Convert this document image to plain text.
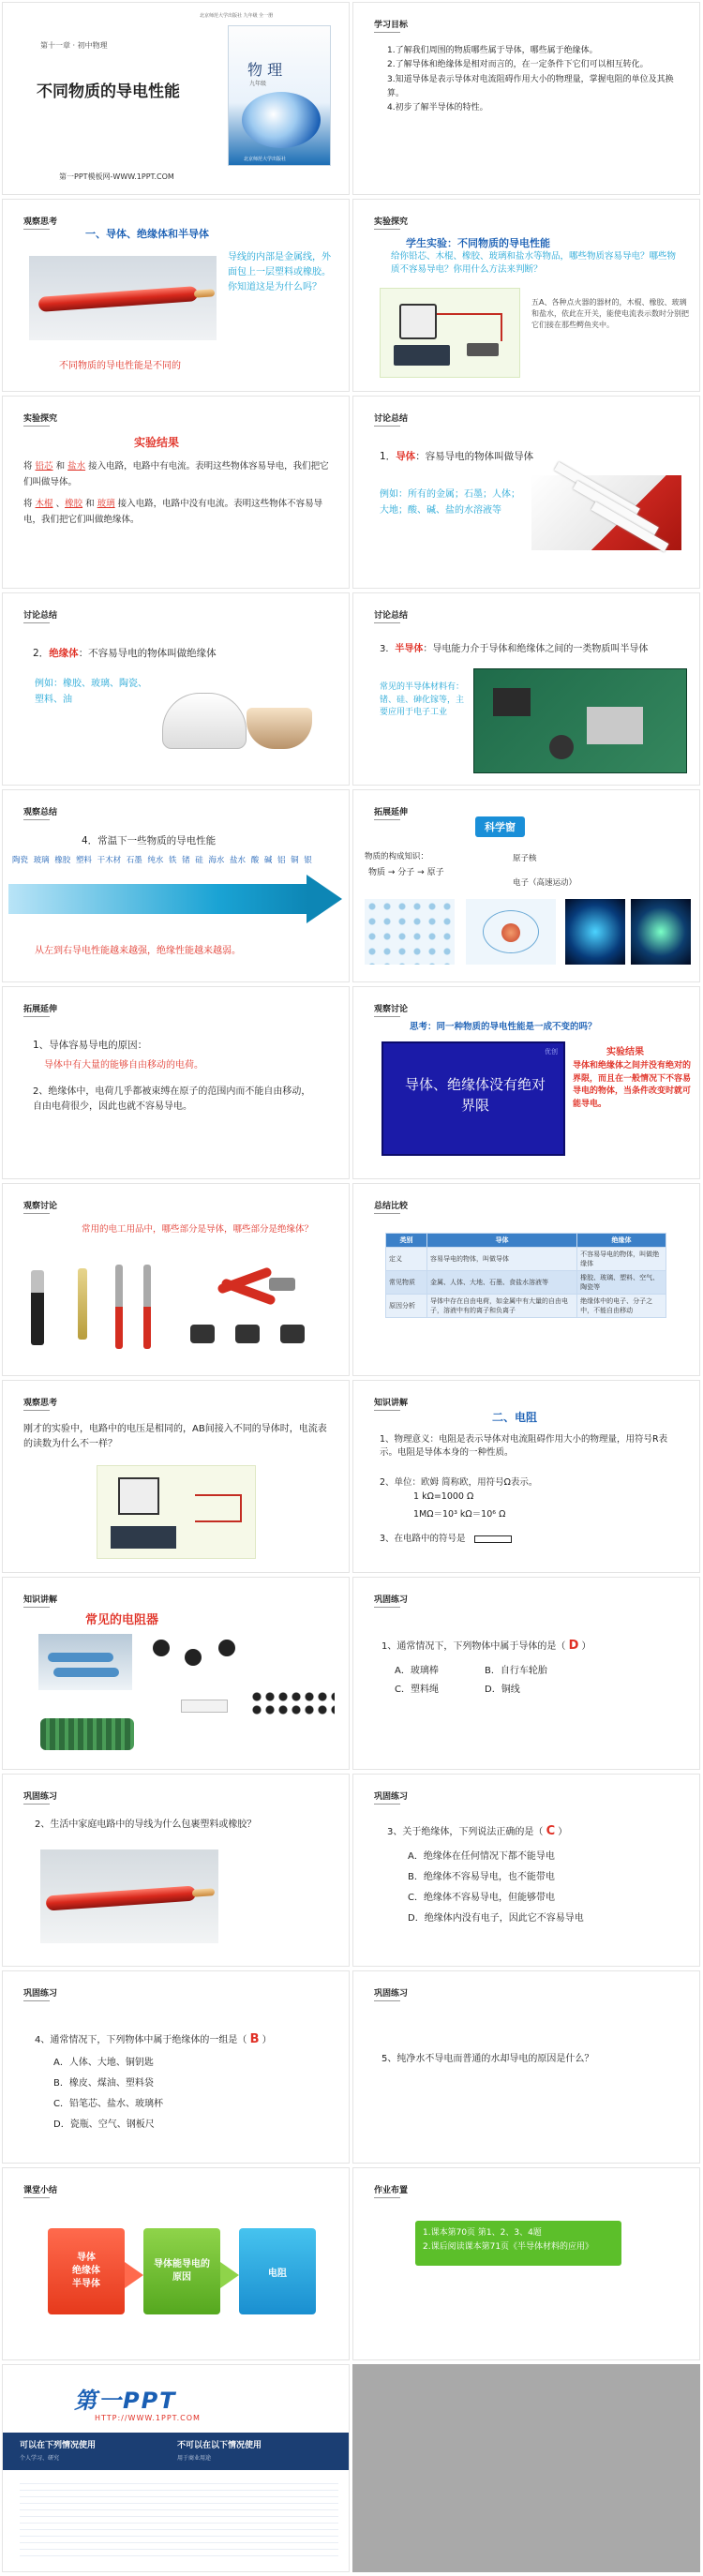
第十一章 · 初中物理
不同物质的导电性能
北京师范大学出版社 九年级 全一册
物 理
九年级
北京师范大学出版社
第一PPT模板网-WWW.1PPT.COM
学习目标
1.了解我们周围的物质哪些属于导体，哪些属于绝缘体。
2.了解导体和绝缘体是相对而言的，在一定条件下它们可以相互转化。
3.知道导体是表示导体对电流阻碍作用大小的物理量，掌握电阻的单位及其换算。
4.初步了解半导体的特性。
观察思考
一、导体、绝缘体和半导体
导线的内部是金属线，外面包上一层塑料或橡胶。你知道这是为什么吗？
不同物质的导电性能是不同的
实验探究
学生实验：不同物质的导电性能
给你铅芯、木棍、橡胶、玻璃和盐水等物品，哪些物质容易导电？哪些物质不容易导电？你用什么方法来判断？
五A、各种点火器的器材的，木棍、橡胶、玻璃和盐水，依此在开关，能使电流表示数时分别把它们接在那些鳄鱼夹中。
实验探究
实验结果
将 铅芯 和 盐水 接入电路，电路中有电流。表明这些物体容易导电，我们把它们叫做导体。
将 木棍 、橡胶 和 玻璃 接入电路，电路中没有电流。表明这些物体不容易导电，我们把它们叫做绝缘体。
讨论总结
1．导体：容易导电的物体叫做导体
例如：所有的金属；石墨；人体；大地；酸、碱、盐的水溶液等
讨论总结
2．绝缘体：不容易导电的物体叫做绝缘体
例如：橡胶、玻璃、陶瓷、塑料、油
讨论总结
3．半导体：导电能力介于导体和绝缘体之间的一类物质叫半导体
常见的半导体材料有：锗、硅、砷化镓等，主要应用于电子工业
观察总结
4．常温下一些物质的导电性能
陶瓷 玻璃 橡胶 塑料 干木材 石墨 纯水 铁 锗 硅 海水 盐水 酸 碱 铝 铜 银
从左到右导电性能越来越强，绝缘性能越来越弱。
拓展延伸
科学窗
物质的构成知识：
物质 → 分子 → 原子
原子核
电子（高速运动）
拓展延伸
1、导体容易导电的原因：
导体中有大量的能够自由移动的电荷。
2、绝缘体中，电荷几乎都被束缚在原子的范围内而不能自由移动，自由电荷很少，因此也就不容易导电。
观察讨论
思考：同一种物质的导电性能是一成不变的吗？
优创
导体、绝缘体没有绝对界限
实验结果
导体和绝缘体之间并没有绝对的界限，而且在一般情况下不容易导电的物体，当条件改变时就可能导电。
观察讨论
常用的电工用品中，哪些部分是导体，哪些部分是绝缘体？
总结比较
类别	导体	绝缘体
定义	容易导电的物体，叫做导体	不容易导电的物体，叫做绝缘体
常见物质	金属、人体、大地、石墨、食盐水溶液等	橡胶、玻璃、塑料、空气、陶瓷等
原因分析	导体中存在自由电荷，如金属中有大量的自由电子，溶液中有的离子和负离子	绝缘体中的电子、分子之中，不能自由移动
观察思考
刚才的实验中，电路中的电压是相同的，AB间接入不同的导体时，电流表的读数为什么不一样？
知识讲解
二、电阻
1、物理意义：电阻是表示导体对电流阻碍作用大小的物理量，用符号R表示。电阻是导体本身的一种性质。
2、单位：欧姆 简称欧，用符号Ω表示。
1 kΩ=1000 Ω
1MΩ＝10³ kΩ＝10⁶ Ω
3、在电路中的符号是
知识讲解
常见的电阻器
巩固练习
1、通常情况下，下列物体中属于导体的是（ D ）
A．玻璃棒	B．自行车轮胎
C．塑料绳	D．铜线
巩固练习
2、生活中家庭电路中的导线为什么包裹塑料或橡胶？
巩固练习
3、关于绝缘体，下列说法正确的是（ C ）
A．绝缘体在任何情况下都不能导电
B．绝缘体不容易导电，也不能带电
C．绝缘体不容易导电，但能够带电
D．绝缘体内没有电子，因此它不容易导电
巩固练习
4、通常情况下，下列物体中属于绝缘体的一组是（ B ）
A．人体、大地、铜钥匙
B．橡皮、煤油、塑料袋
C．铅笔芯、盐水、玻璃杯
D．瓷瓶、空气、钢板尺
巩固练习
5、纯净水不导电而普通的水却导电的原因是什么？
课堂小结
导体
绝缘体
半导体
导体能导电的原因	电阻
作业布置
1.课本第70页 第1、2、3、4题
2.课后阅读课本第71页《半导体材料的应用》
第一PPT
HTTP://WWW.1PPT.COM
可以在下列情况使用	不可以在以下情况使用
个人学习、研究	用于商业用途
